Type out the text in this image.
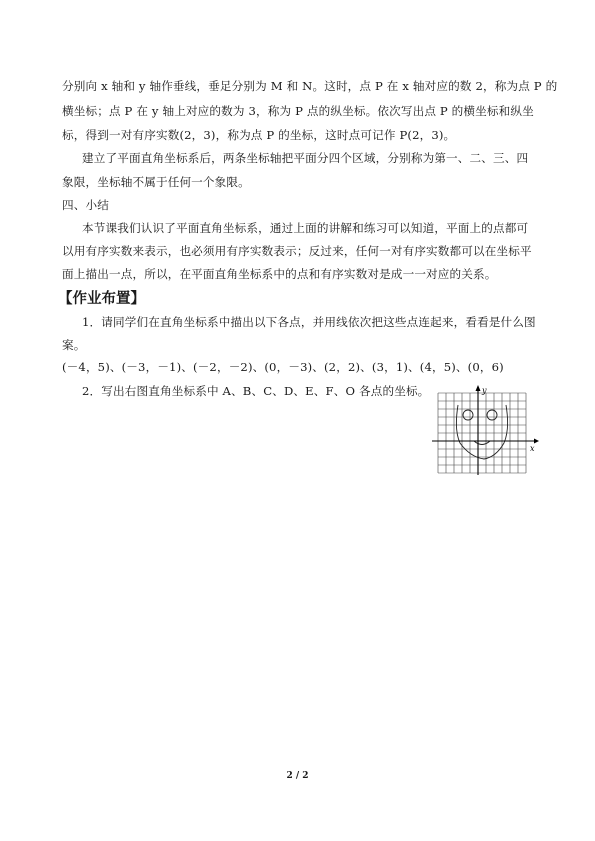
分别向 x 轴和 y 轴作垂线，垂足分别为 M 和 N。这时，点 P 在 x 轴对应的数 2，称为点 P 的
横坐标；点 P 在 y 轴上对应的数为 3，称为 P 点的纵坐标。依次写出点 P 的横坐标和纵坐
标，得到一对有序实数(2，3)，称为点 P 的坐标，这时点可记作 P(2，3)。
建立了平面直角坐标系后，两条坐标轴把平面分四个区域，分别称为第一、二、三、四
象限，坐标轴不属于任何一个象限。
四、小结
本节课我们认识了平面直角坐标系，通过上面的讲解和练习可以知道，平面上的点都可
以用有序实数来表示，也必须用有序实数表示；反过来，任何一对有序实数都可以在坐标平
面上描出一点，所以，在平面直角坐标系中的点和有序实数对是成一一对应的关系。
【作业布置】
1．请同学们在直角坐标系中描出以下各点，并用线依次把这些点连起来，看看是什么图
案。
(－4，5)、(－3，－1)、(－2，－2)、(0，－3)、(2，2)、(3，1)、(4，5)、(0，6)
2．写出右图直角坐标系中 A、B、C、D、E、F、O 各点的坐标。
x
y
2 / 2
